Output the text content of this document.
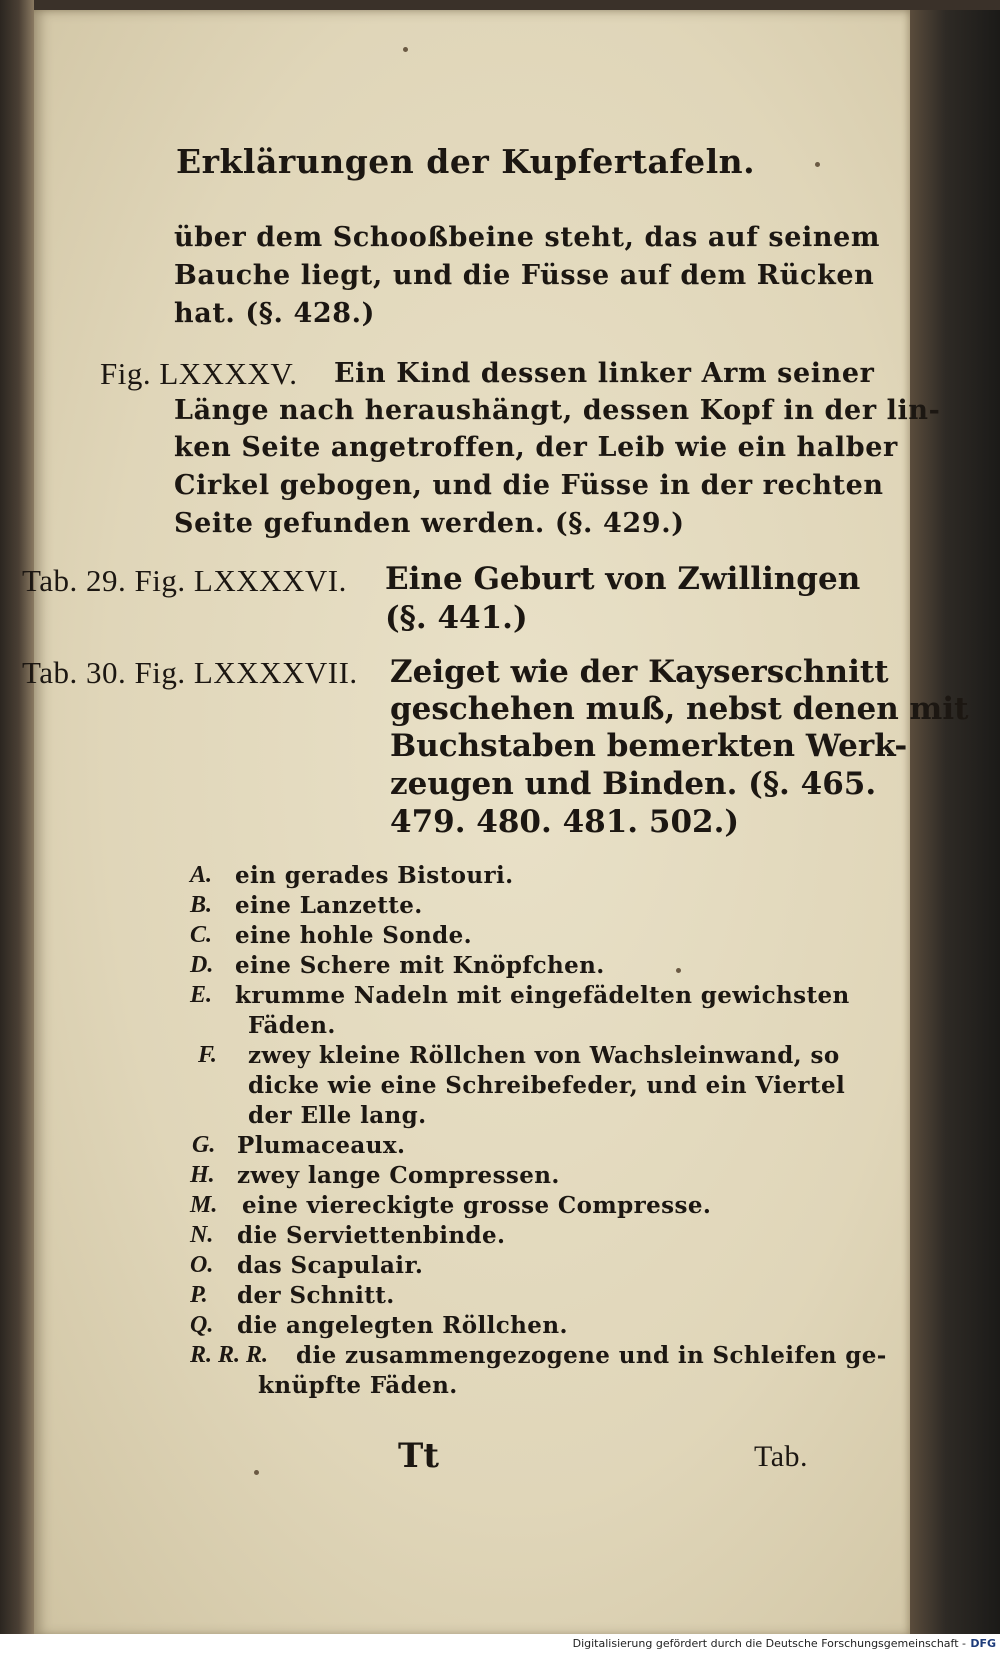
Erklärungen der Kupfertafeln.
über dem Schooßbeine steht, das auf seinem
Bauche liegt, und die Füsse auf dem Rücken
hat. (§. 428.)
Fig. LXXXXV. Ein Kind dessen linker Arm seiner
Länge nach heraushängt, dessen Kopf in der lin-
ken Seite angetroffen, der Leib wie ein halber
Cirkel gebogen, und die Füsse in der rechten
Seite gefunden werden. (§. 429.)
Tab. 29. Fig. LXXXXVI. Eine Geburt von Zwillingen
(§. 441.)
Tab. 30. Fig. LXXXXVII. Zeiget wie der Kayserschnitt
geschehen muß, nebst denen mit
Buchstaben bemerkten Werk-
zeugen und Binden. (§. 465.
479. 480. 481. 502.)
A. ein gerades Bistouri.
B. eine Lanzette.
C. eine hohle Sonde.
D. eine Schere mit Knöpfchen.
E. krumme Nadeln mit eingefädelten gewichsten
Fäden.
F. zwey kleine Röllchen von Wachsleinwand, so
dicke wie eine Schreibefeder, und ein Viertel
der Elle lang.
G. Plumaceaux.
H. zwey lange Compressen.
M. eine viereckigte grosse Compresse.
N. die Serviettenbinde.
O. das Scapulair.
P. der Schnitt.
Q. die angelegten Röllchen.
R. R. R. die zusammengezogene und in Schleifen ge-
knüpfte Fäden.
Tt	Tab.
Digitalisierung gefördert durch die Deutsche Forschungsgemeinschaft - DFG
